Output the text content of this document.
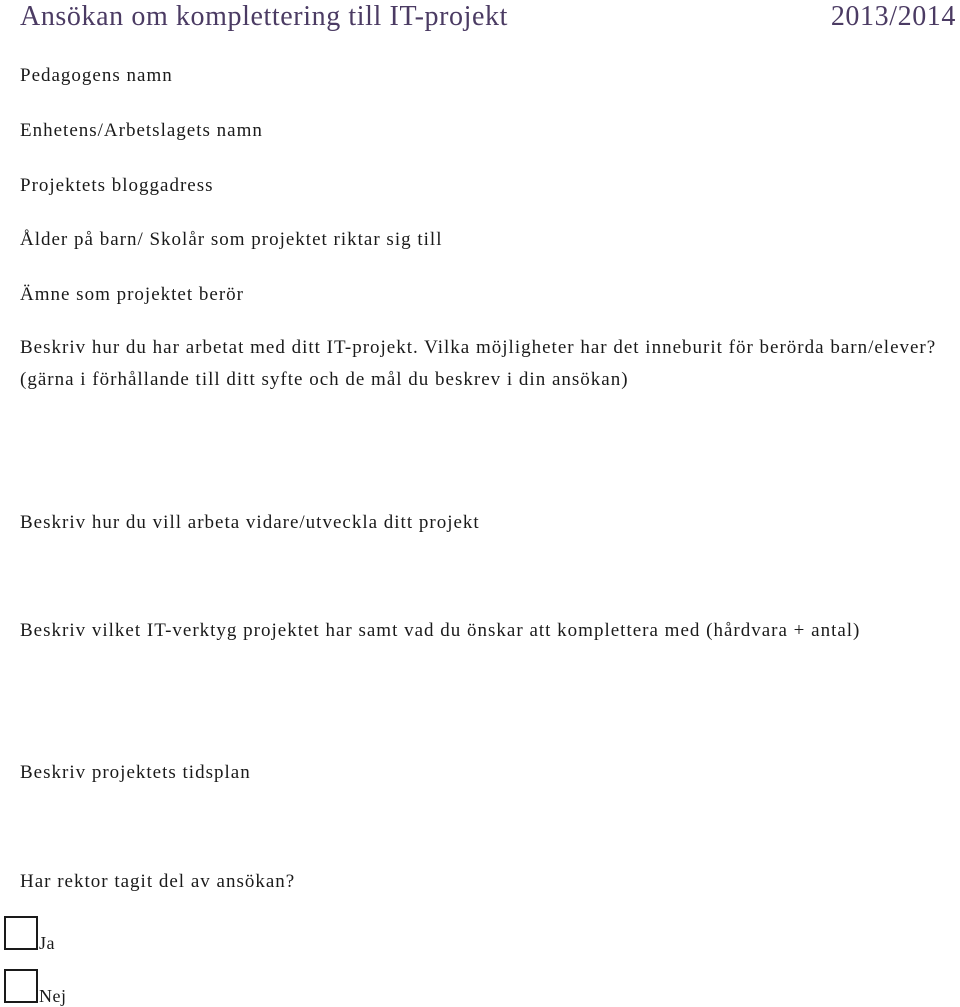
Ansökan om komplettering till IT-projekt	2013/2014
Pedagogens namn
Enhetens/Arbetslagets namn
Projektets bloggadress
Ålder på barn/ Skolår som projektet riktar sig till
Ämne som projektet berör
Beskriv hur du har arbetat med ditt IT-projekt. Vilka möjligheter har det inneburit för berörda barn/elever? (gärna i förhållande till ditt syfte och de mål du beskrev i din ansökan)
Beskriv hur du vill arbeta vidare/utveckla ditt projekt
Beskriv vilket IT-verktyg projektet har samt vad du önskar att komplettera med (hårdvara + antal)
Beskriv projektets tidsplan
Har rektor tagit del av ansökan?
Ja
Nej
